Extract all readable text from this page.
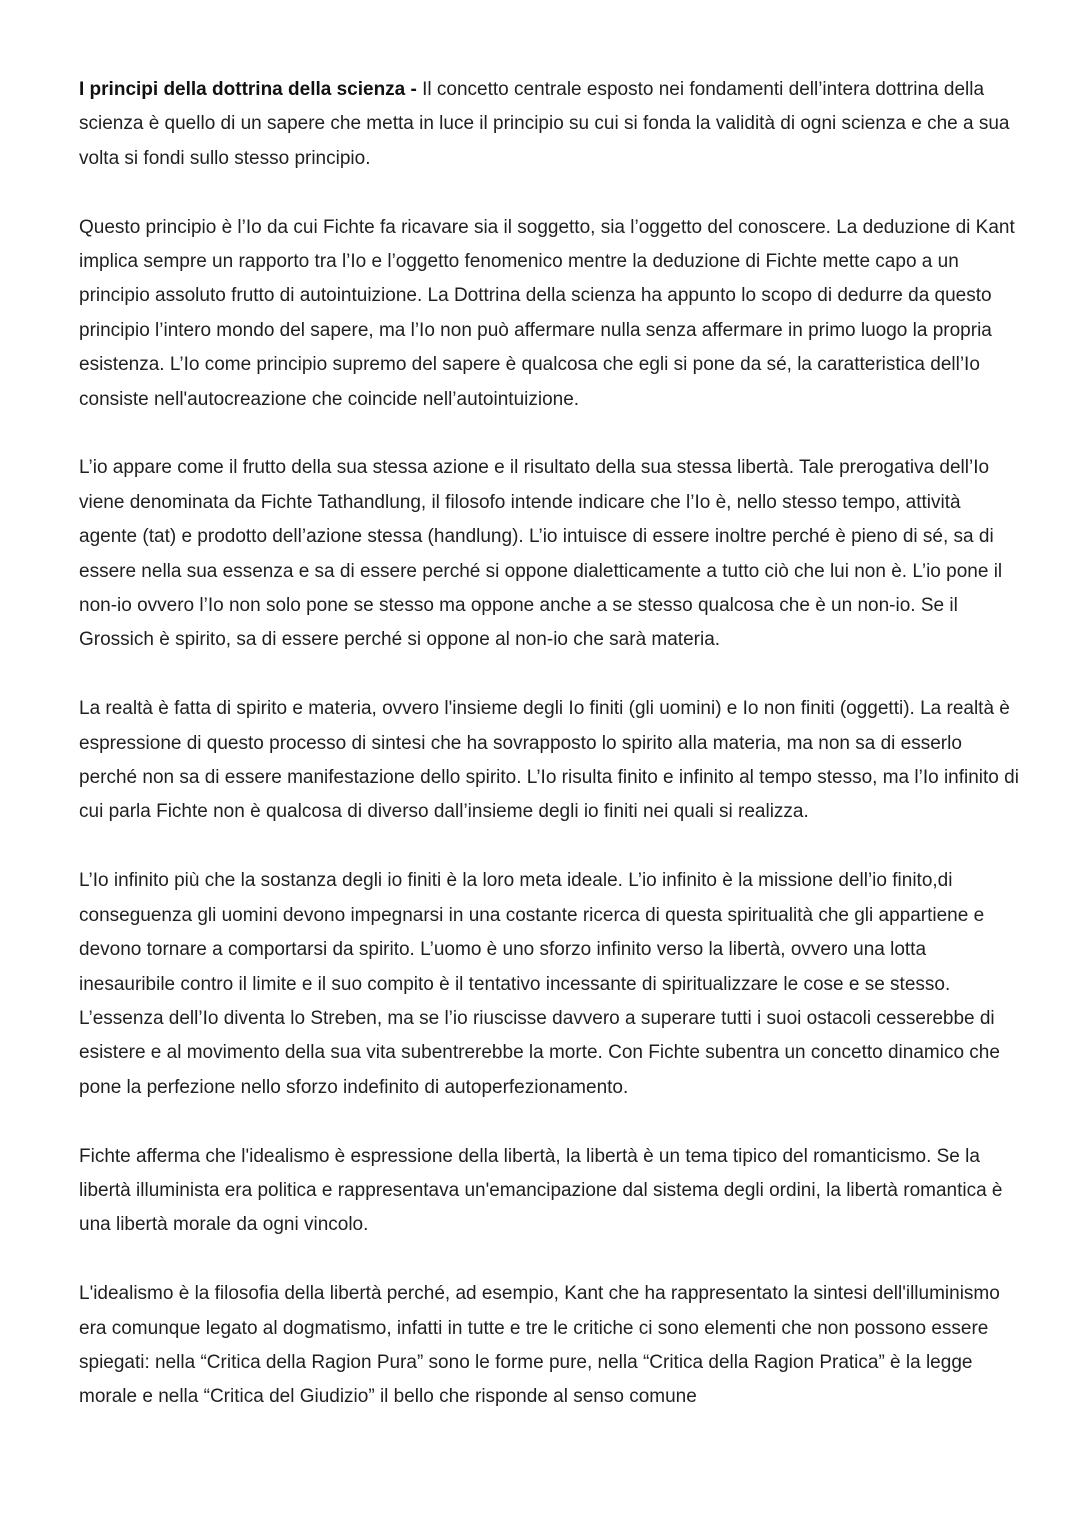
I principi della dottrina della scienza - Il concetto centrale esposto nei fondamenti dell’intera dottrina della scienza è quello di un sapere che metta in luce il principio su cui si fonda la validità di ogni scienza e che a sua volta si fondi sullo stesso principio.

Questo principio è l’Io da cui Fichte fa ricavare sia il soggetto, sia l’oggetto del conoscere. La deduzione di Kant implica sempre un rapporto tra l’Io e l’oggetto fenomenico mentre la deduzione di Fichte mette capo a un principio assoluto frutto di autointuizione. La Dottrina della scienza ha appunto lo scopo di dedurre da questo principio l’intero mondo del sapere, ma l’Io non può affermare nulla senza affermare in primo luogo la propria esistenza. L’Io come principio supremo del sapere è qualcosa che egli si pone da sé, la caratteristica dell’Io consiste nell'autocreazione che coincide nell’autointuizione.

L’io appare come il frutto della sua stessa azione e il risultato della sua stessa libertà. Tale prerogativa dell’Io viene denominata da Fichte Tathandlung, il filosofo intende indicare che l’Io è, nello stesso tempo, attività agente (tat) e prodotto dell’azione stessa (handlung). L’io intuisce di essere inoltre perché è pieno di sé, sa di essere nella sua essenza e sa di essere perché si oppone dialetticamente a tutto ciò che lui non è. L’io pone il non-io ovvero l’Io non solo pone se stesso ma oppone anche a se stesso qualcosa che è un non-io. Se il Grossich è spirito, sa di essere perché si oppone al non-io che sarà materia.

La realtà è fatta di spirito e materia, ovvero l'insieme degli Io finiti (gli uomini) e Io non finiti (oggetti). La realtà è espressione di questo processo di sintesi che ha sovrapposto lo spirito alla materia, ma non sa di esserlo perché non sa di essere manifestazione dello spirito. L’Io risulta finito e infinito al tempo stesso, ma l’Io infinito di cui parla Fichte non è qualcosa di diverso dall’insieme degli io finiti nei quali si realizza.

L’Io infinito più che la sostanza degli io finiti è la loro meta ideale. L’io infinito è la missione dell’io finito,di conseguenza gli uomini devono impegnarsi in una costante ricerca di questa spiritualità che gli appartiene e devono tornare a comportarsi da spirito. L’uomo è uno sforzo infinito verso la libertà, ovvero una lotta inesauribile contro il limite e il suo compito è il tentativo incessante di spiritualizzare le cose e se stesso. L’essenza dell’Io diventa lo Streben, ma se l’io riuscisse davvero a superare tutti i suoi ostacoli cesserebbe di esistere e al movimento della sua vita subentrerebbe la morte. Con Fichte subentra un concetto dinamico che pone la perfezione nello sforzo indefinito di autoperfezionamento.

Fichte afferma che l'idealismo è espressione della libertà, la libertà è un tema tipico del romanticismo. Se la libertà illuminista era politica e rappresentava un'emancipazione dal sistema degli ordini, la libertà romantica è una libertà morale da ogni vincolo.

L'idealismo è la filosofia della libertà perché, ad esempio, Kant che ha rappresentato la sintesi dell'illuminismo era comunque legato al dogmatismo, infatti in tutte e tre le critiche ci sono elementi che non possono essere spiegati: nella “Critica della Ragion Pura” sono le forme pure, nella “Critica della Ragion Pratica” è la legge morale e nella “Critica del Giudizio” il bello che risponde al senso comune
